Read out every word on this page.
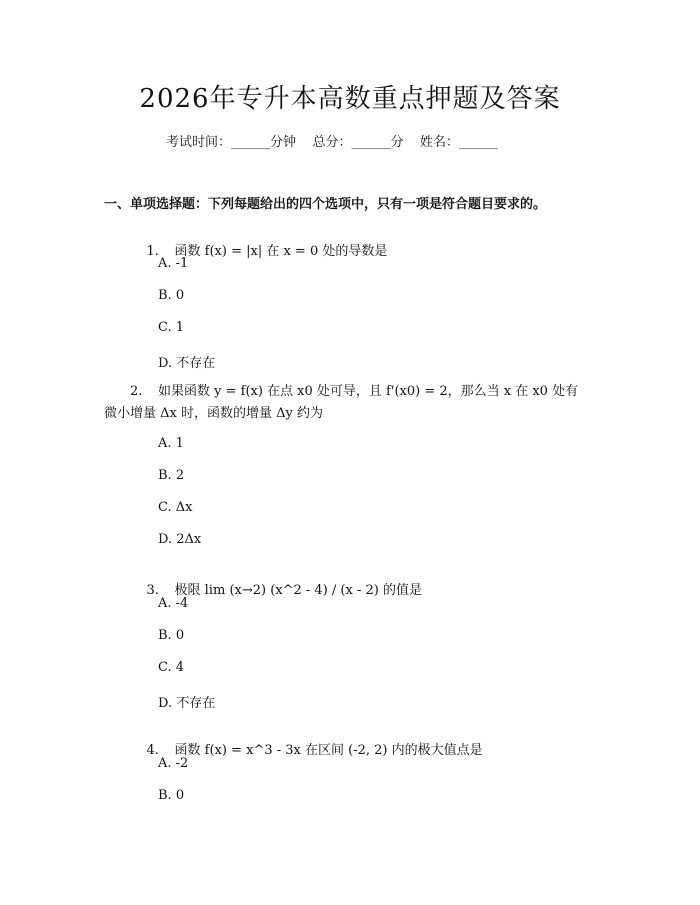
2026年专升本高数重点押题及答案
考试时间：______分钟    总分：______分    姓名：______
一、单项选择题：下列每题给出的四个选项中，只有一项是符合题目要求的。

1. 函数 f(x) = |x| 在 x = 0 处的导数是

A. -1
B. 0
C. 1
D. 不存在
2. 如果函数 y = f(x) 在点 x0 处可导，且 f'(x0) = 2，那么当 x 在 x0 处有微小增量 Δx 时，函数的增量 Δy 约为
A. 1
B. 2
C. Δx
D. 2Δx

3. 极限 lim (x→2) (x^2 - 4) / (x - 2) 的值是

A. -4
B. 0
C. 4
D. 不存在

4. 函数 f(x) = x^3 - 3x 在区间 (-2, 2) 内的极大值点是

A. -2
B. 0
